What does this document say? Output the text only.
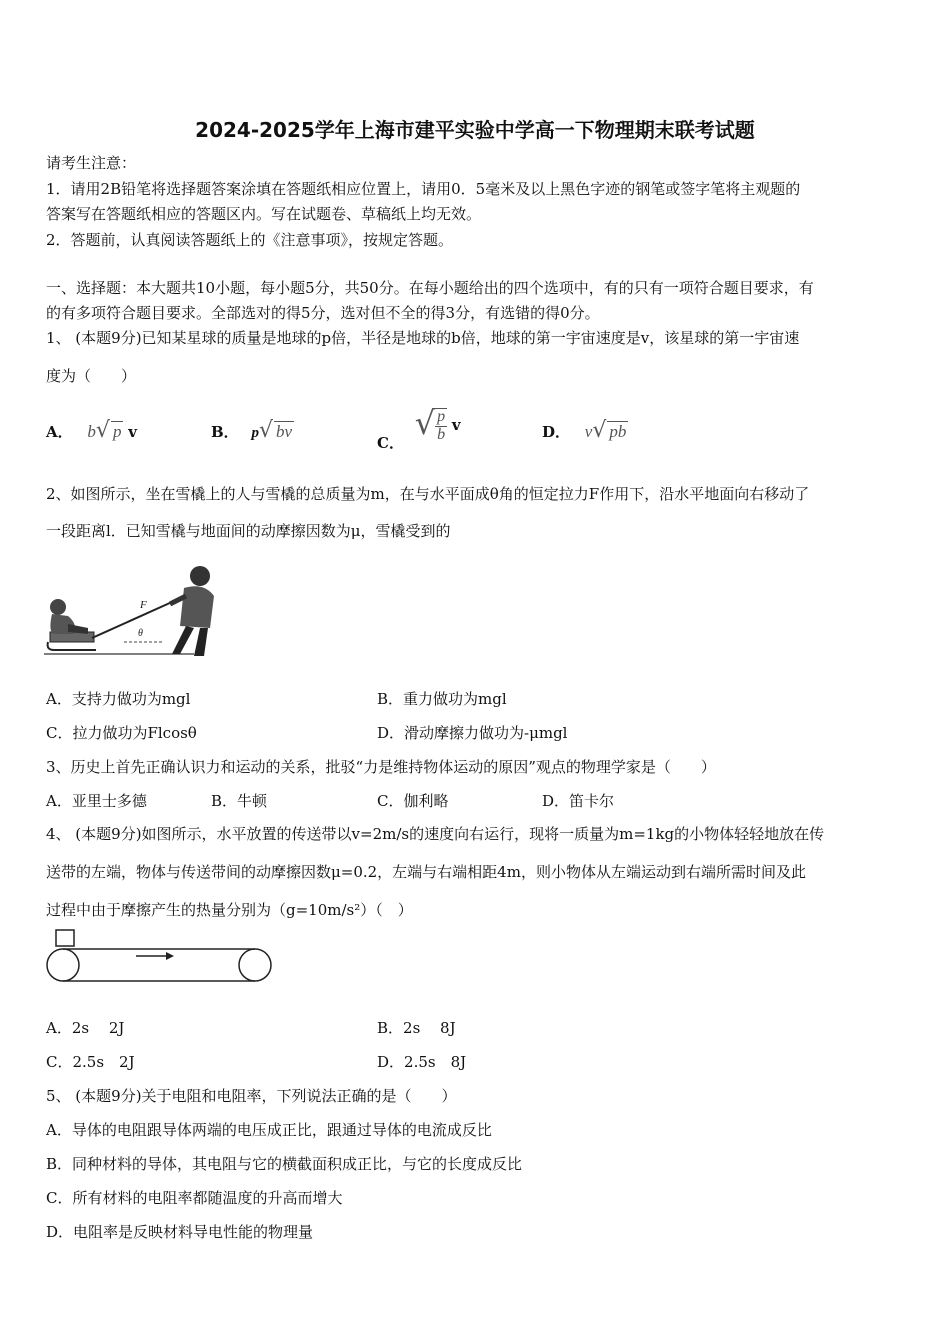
2024-2025学年上海市建平实验中学高一下物理期末联考试题
请考生注意：
1．请用2B铅笔将选择题答案涂填在答题纸相应位置上，请用0．5毫米及以上黑色字迹的钢笔或签字笔将主观题的
答案写在答题纸相应的答题区内。写在试题卷、草稿纸上均无效。
2．答题前，认真阅读答题纸上的《注意事项》，按规定答题。
一、选择题：本大题共10小题，每小题5分，共50分。在每小题给出的四个选项中，有的只有一项符合题目要求，有
的有多项符合题目要求。全部选对的得5分，选对但不全的得3分，有选错的得0分。
1、 (本题9分)已知某星球的质量是地球的p倍，半径是地球的b倍，地球的第一宇宙速度是v，该星球的第一宇宙速
度为（　　）
A． b√ p v	B． p√ bv
C． √ $\frac{p}{b}$ v	D． v√ pb
2、如图所示，坐在雪橇上的人与雪橇的总质量为m，在与水平面成θ角的恒定拉力F作用下，沿水平地面向右移动了
一段距离l．已知雪橇与地面间的动摩擦因数为μ，雪橇受到的
F
θ
A．支持力做功为mgl	B．重力做功为mgl
C．拉力做功为Flcosθ	D．滑动摩擦力做功为-μmgl
3、历史上首先正确认识力和运动的关系，批驳“力是维持物体运动的原因”观点的物理学家是（　　）
A．亚里士多德	B．牛顿	C．伽利略	D．笛卡尔
4、 (本题9分)如图所示，水平放置的传送带以v=2m/s的速度向右运行，现将一质量为m=1kg的小物体轻轻地放在传
送带的左端，物体与传送带间的动摩擦因数μ=0.2，左端与右端相距4m，则小物体从左端运动到右端所需时间及此
过程中由于摩擦产生的热量分别为（g=10m/s²）（　）
A．2s　 2J	B．2s　 8J
C．2.5s　2J	D．2.5s　8J
5、 (本题9分)关于电阻和电阻率，下列说法正确的是（　　）
A．导体的电阻跟导体两端的电压成正比，跟通过导体的电流成反比
B．同种材料的导体，其电阻与它的横截面积成正比，与它的长度成反比
C．所有材料的电阻率都随温度的升高而增大
D．电阻率是反映材料导电性能的物理量
